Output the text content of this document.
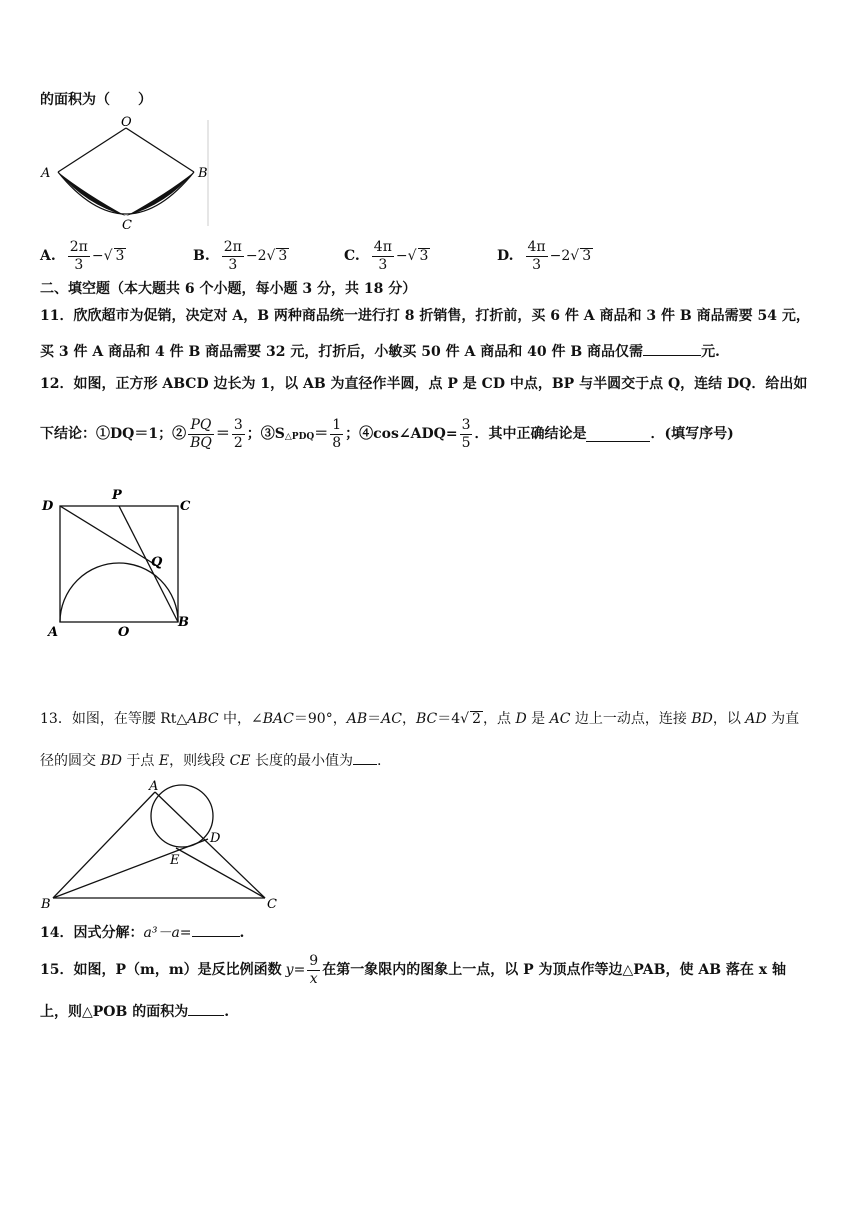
的面积为（　　）
O
A	B
C
A. $\frac{2\pi}{3}$ − √ 3	B. $\frac{2\pi}{3} - 2$ √ 3	C. $\frac{4\pi}{3}$ − √ 3	D. $\frac{4\pi}{3} - 2$ √ 3
二、填空题（本大题共 6 个小题，每小题 3 分，共 18 分）
11．欣欣超市为促销，决定对 A，B 两种商品统一进行打 8 折销售，打折前，买 6 件 A 商品和 3 件 B 商品需要 54 元，
买 3 件 A 商品和 4 件 B 商品需要 32 元，打折后，小敏买 50 件 A 商品和 40 件 B 商品仅需	元.
12．如图，正方形 ABCD 边长为 1，以 AB 为直径作半圆，点 P 是 CD 中点，BP 与半圆交于点 Q，连结 DQ．给出如
下结论：①DQ＝1；② $\frac{PQ}{BQ} = \frac{3}{2}$ ；③S △PDQ ＝ $\frac{1}{8}$ ；④cos∠ADQ= $\frac{3}{5}$ ．其中正确结论是	．(填写序号)
D
P
C
Q
A	O
B
13．如图，在等腰 Rt△ABC 中，∠BAC＝90°，AB＝AC，BC＝4√ 2 ，点 D 是 AC 边上一动点，连接 BD，以 AD 为直
径的圆交 BD 于点 E，则线段 CE 长度的最小值为 .
A
D
E
B	C
14．因式分解：a³－a=	.
15．如图，P（m，m）是反比例函数 $y = \frac{9}{x}$ 在第一象限内的图象上一点，以 P 为顶点作等边△PAB，使 AB 落在 x 轴
上，则△POB 的面积为	.
